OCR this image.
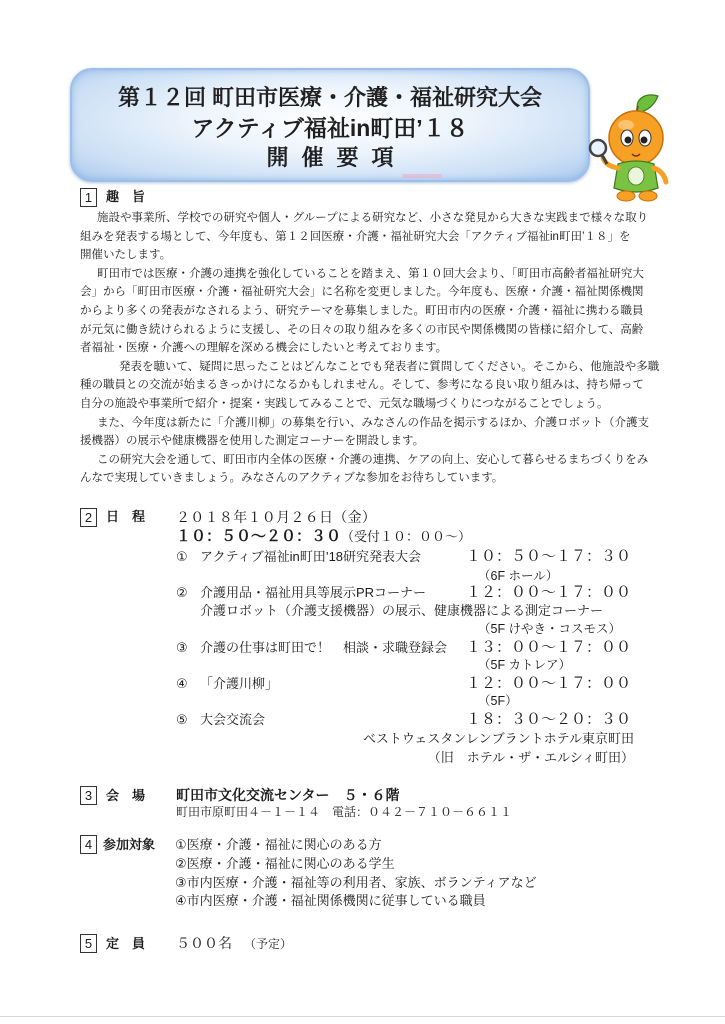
第１２回 町田市医療・介護・福祉研究大会
アクティブ福祉in町田’１８
開催要項
1	趣　旨
施設や事業所、学校での研究や個人・グループによる研究など、小さな発見から大きな実践まで様々な取り
組みを発表する場として、今年度も、第１２回医療・介護・福祉研究大会「アクティブ福祉in町田’１８」を
開催いたします。
町田市では医療・介護の連携を強化していることを踏まえ、第１０回大会より、「町田市高齢者福祉研究大
会」から「町田市医療・介護・福祉研究大会」に名称を変更しました。今年度も、医療・介護・福祉関係機関
からより多くの発表がなされるよう、研究テーマを募集しました。町田市内の医療・介護・福祉に携わる職員
が元気に働き続けられるように支援し、その日々の取り組みを多くの市民や関係機関の皆様に紹介して、高齢
者福祉・医療・介護への理解を深める機会にしたいと考えております。
発表を聴いて、疑問に思ったことはどんなことでも発表者に質問してください。そこから、他施設や多職
種の職員との交流が始まるきっかけになるかもしれません。そして、参考になる良い取り組みは、持ち帰って
自分の施設や事業所で紹介・提案・実践してみることで、元気な職場づくりにつながることでしょう。
また、今年度は新たに「介護川柳」の募集を行い、みなさんの作品を掲示するほか、介護ロボット（介護支
援機器）の展示や健康機器を使用した測定コーナーを開設します。
この研究大会を通して、町田市内全体の医療・介護の連携、ケアの向上、安心して暮らせるまちづくりをみ
んなで実現していきましょう。みなさんのアクティブな参加をお待ちしています。
2	日　程 ２０１８年１０月２６日（金）
１０：５０～２０：３０（受付１０：００～）
① アクティブ福祉in町田’18研究発表大会	１０：５０～１７：３０
（6F ホール）
② 介護用品・福祉用具等展示PRコーナー	１２：００～１７：００
介護ロボット（介護支援機器）の展示、健康機器による測定コーナー
（5F けやき・コスモス）
③ 介護の仕事は町田で！　相談・求職登録会 １３：００～１７：００
（5F カトレア）
④ 「介護川柳」	１２：００～１７：００
（5F）
⑤ 大会交流会	１８：３０～２０：３０
ベストウェスタンレンブラントホテル東京町田
（旧　ホテル・ザ・エルシィ町田）
3	会　場 町田市文化交流センター　５・６階
町田市原町田４－１－１４　電話：０４２－７１０－６６１１
4 参加対象 ①医療・介護・福祉に関心のある方
②医療・介護・福祉に関心のある学生
③市内医療・介護・福祉等の利用者、家族、ボランティアなど
④市内医療・介護・福祉関係機関に従事している職員
5	定　員 ５００名 （予定）
